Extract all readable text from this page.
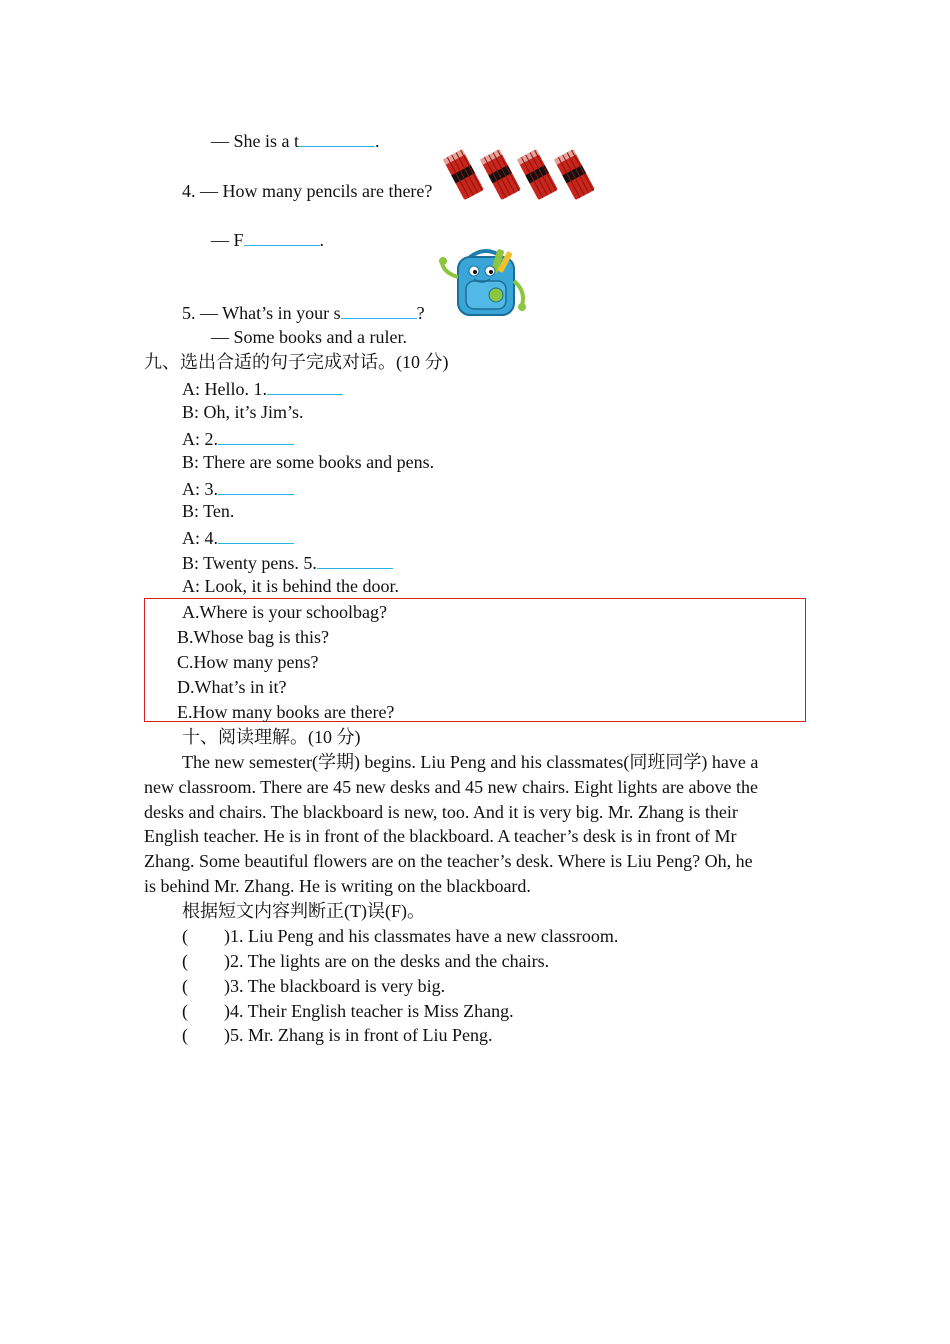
— She is a t	.
4. — How many pencils are there?
— F	.
5. — What’s in your s	?
— Some books and a ruler.
九、选出合适的句子完成对话。(10 分)
A: Hello. 1.
B: Oh, it’s Jim’s.
A: 2.
B: There are some books and pens.
A: 3.
B: Ten.
A: 4.
B: Twenty pens. 5.
A: Look, it is behind the door.
A.Where is your schoolbag?
B.Whose bag is this?
C.How many pens?
D.What’s in it?
E.How many books are there?
十、阅读理解。(10 分)
The new semester(学期) begins. Liu Peng and his classmates(同班同学) have a
new classroom. There are 45 new desks and 45 new chairs. Eight lights are above the
desks and chairs. The blackboard is new, too. And it is very big. Mr. Zhang is their
English teacher. He is in front of the blackboard. A teacher’s desk is in front of Mr
Zhang. Some beautiful flowers are on the teacher’s desk. Where is Liu Peng? Oh, he
is behind Mr. Zhang. He is writing on the blackboard.
根据短文内容判断正(T)误(F)。
(        )1. Liu Peng and his classmates have a new classroom.
(        )2. The lights are on the desks and the chairs.
(        )3. The blackboard is very big.
(        )4. Their English teacher is Miss Zhang.
(        )5. Mr. Zhang is in front of Liu Peng.
